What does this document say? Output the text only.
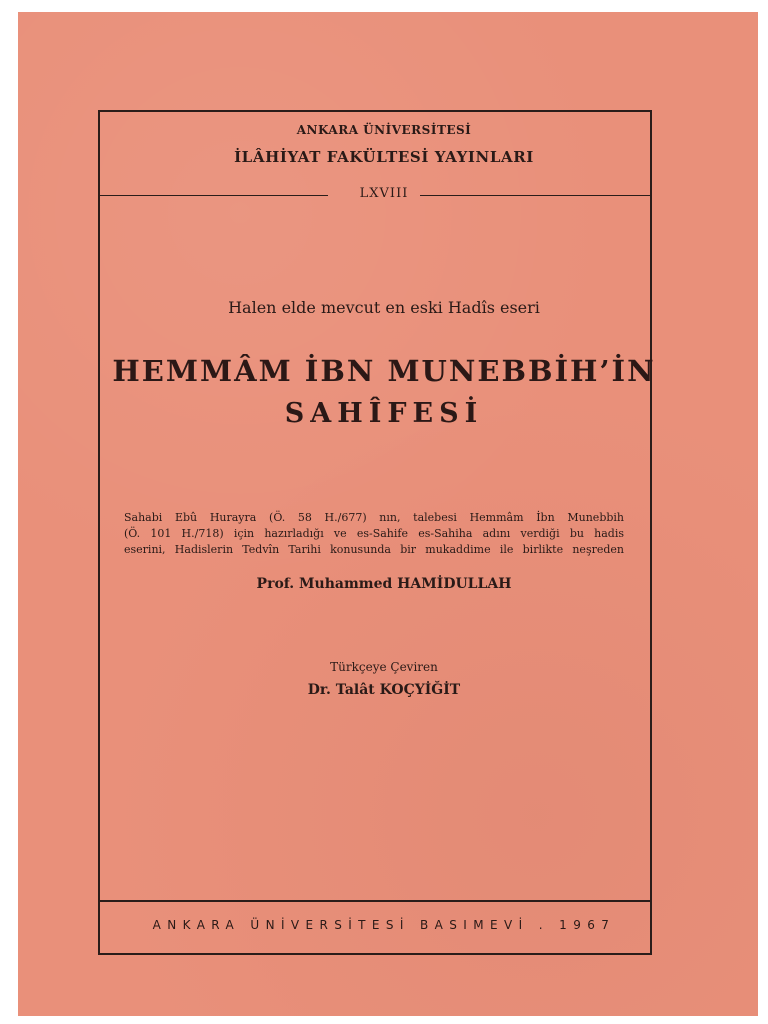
ANKARA ÜNİVERSİTESİ
İLÂHİYAT FAKÜLTESİ YAYINLARI
LXVIII
Halen elde mevcut en eski Hadîs eseri
HEMMÂM İBN MUNEBBİH’İN
SAHÎFESİ
Sahabi Ebû Hurayra (Ö. 58 H./677) nın, talebesi Hemmâm İbn Munebbih
(Ö. 101 H./718) için hazırladığı ve es-Sahife es-Sahiha adını verdiği bu hadis
eserini, Hadislerin Tedvîn Tarihi konusunda bir mukaddime ile birlikte neşreden
Prof. Muhammed HAMİDULLAH
Türkçeye Çeviren
Dr. Talât KOÇYİĞİT
ANKARA ÜNİVERSİTESİ BASIMEVİ . 1967
